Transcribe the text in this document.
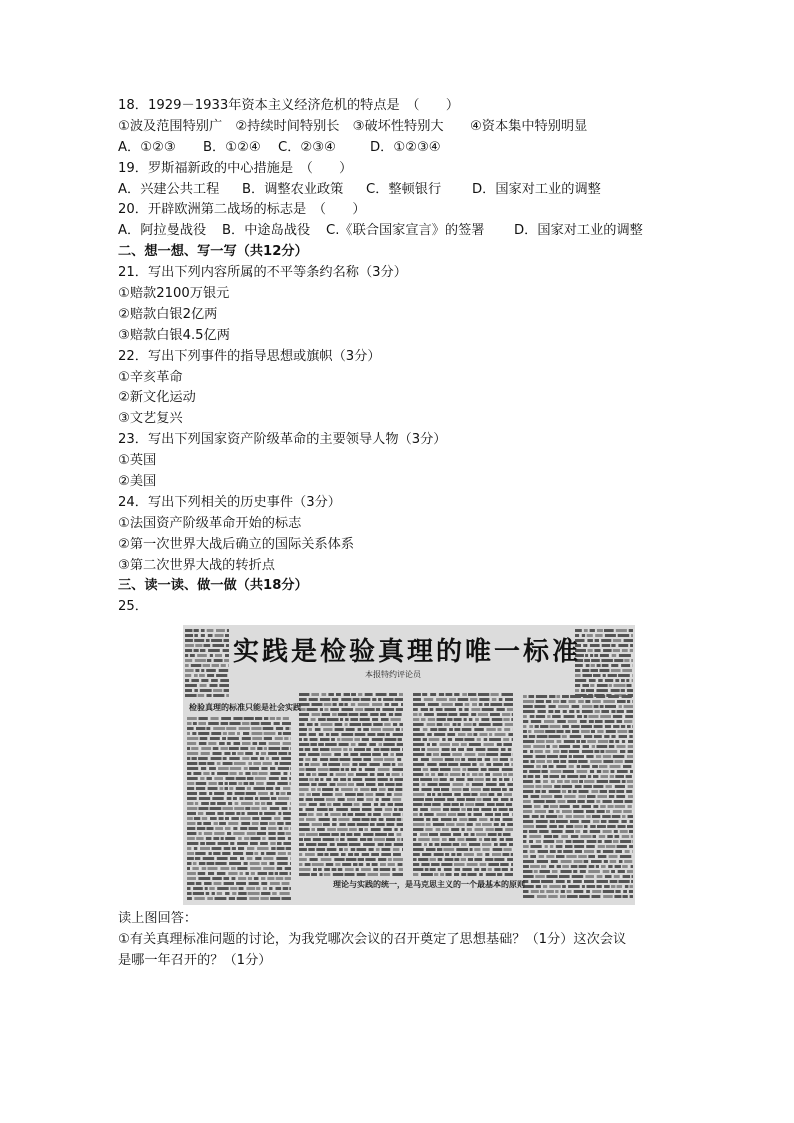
18．1929－1933年资本主义经济危机的特点是　（　　）
①波及范围特别广　②持续时间特别长　③破坏性特别大　　④资本集中特别明显
A．①②③ B．①②④ C．②③④	D．①②③④
19．罗斯福新政的中心措施是　（　　）
A．兴建公共工程 B．调整农业政策 C．整顿银行 D．国家对工业的调整
20．开辟欧洲第二战场的标志是　（　　）
A．阿拉曼战役 B．中途岛战役 C.《联合国家宣言》的签署 D．国家对工业的调整
二、想一想、写一写（共12分）
21．写出下列内容所属的不平等条约名称（3分）
①赔款2100万银元
②赔款白银2亿两
③赔款白银4.5亿两
22．写出下列事件的指导思想或旗帜（3分）
①辛亥革命
②新文化运动
③文艺复兴
23．写出下列国家资产阶级革命的主要领导人物（3分）
①英国
②美国
24．写出下列相关的历史事件（3分）
①法国资产阶级革命开始的标志
②第一次世界大战后确立的国际关系体系
③第二次世界大战的转折点
三、读一读、做一做（共18分）
25．
实践是检验真理的唯一标准
本报特约评论员
检验真理的标准只能是社会实践
理论与实践的统一，是马克思主义的一个最基本的原则
读上图回答：
①有关真理标准问题的讨论，为我党哪次会议的召开奠定了思想基础？（1分）这次会议
是哪一年召开的？（1分）
